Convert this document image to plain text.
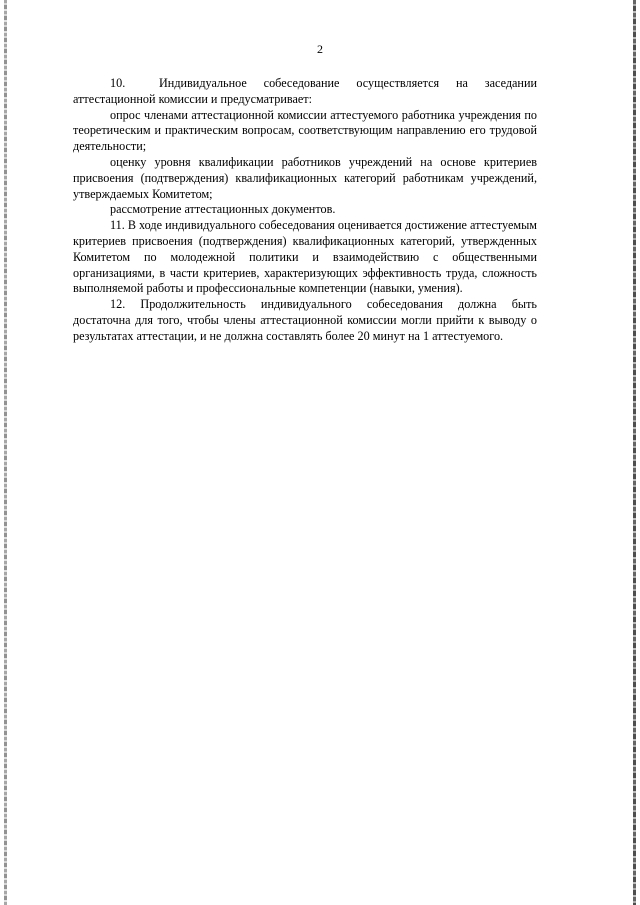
2

10.  Индивидуальное собеседование осуществляется на заседании аттестационной комиссии и предусматривает:

опрос членами аттестационной комиссии аттестуемого работника учреждения по теоретическим и практическим вопросам, соответствующим направлению его трудовой деятельности;

оценку уровня квалификации работников учреждений на основе критериев присвоения (подтверждения) квалификационных категорий работникам учреждений, утверждаемых Комитетом;

рассмотрение аттестационных документов.

11. В ходе индивидуального собеседования оценивается достижение аттестуемым критериев присвоения (подтверждения) квалификационных категорий, утвержденных Комитетом по молодежной политики и взаимодействию с общественными организациями, в части критериев, характеризующих эффективность труда, сложность выполняемой работы и профессиональные компетенции (навыки, умения).

12. Продолжительность индивидуального собеседования должна быть достаточна для того, чтобы члены аттестационной комиссии могли прийти к выводу о результатах аттестации, и не должна составлять более 20 минут на 1 аттестуемого.
